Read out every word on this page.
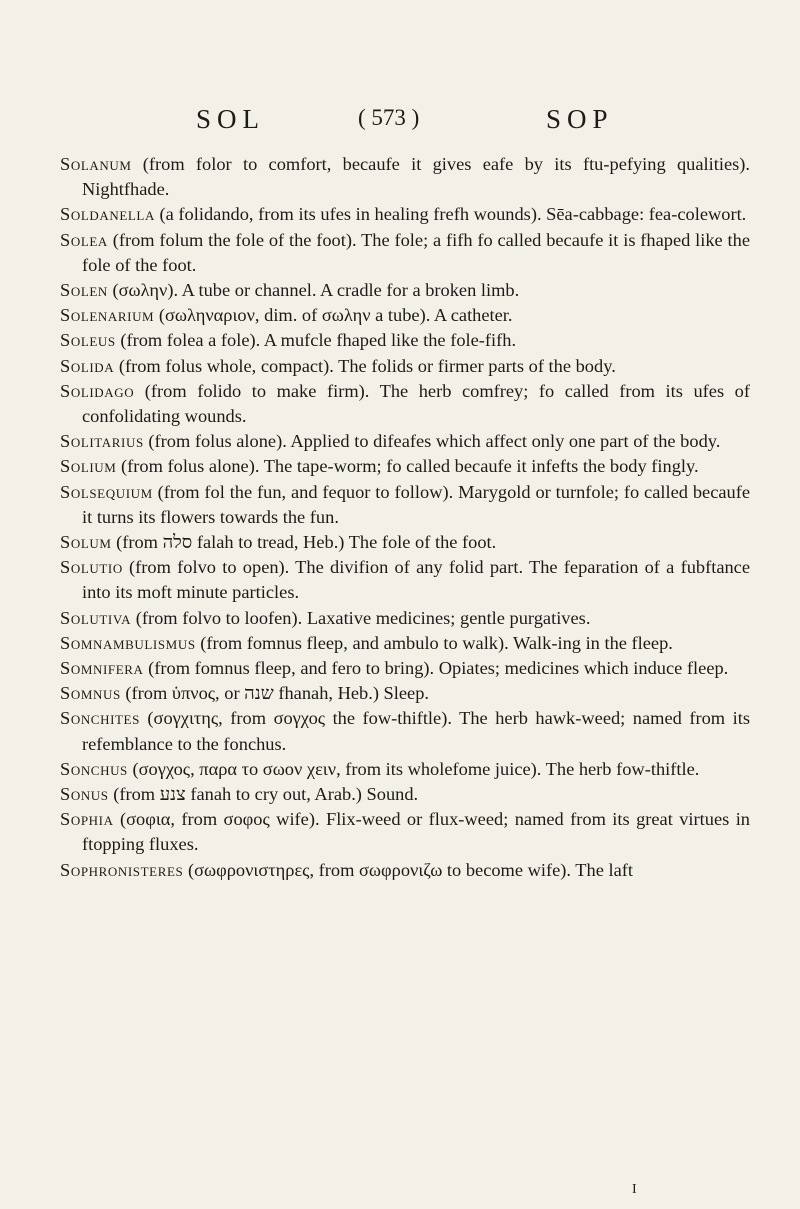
SOL	( 573 )	SOP

Solanum (from folor to comfort, becaufe it gives eafe by its ftu-pefying qualities). Nightfhade.

Soldanella (a folidando, from its ufes in healing frefh wounds). Sēa-cabbage: fea-colewort.

Solea (from folum the fole of the foot). The fole; a fifh fo called becaufe it is fhaped like the fole of the foot.

Solen (σωλην). A tube or channel. A cradle for a broken limb.

Solenarium (σωληναριον, dim. of σωλην a tube). A catheter.

Soleus (from folea a fole). A mufcle fhaped like the fole-fifh.

Solida (from folus whole, compact). The folids or firmer parts of the body.

Solidago (from folido to make firm). The herb comfrey; fo called from its ufes of confolidating wounds.

Solitarius (from folus alone). Applied to difeafes which affect only one part of the body.

Solium (from folus alone). The tape-worm; fo called becaufe it infefts the body fingly.

Solsequium (from fol the fun, and fequor to follow). Marygold or turnfole; fo called becaufe it turns its flowers towards the fun.

Solum (from סלה falah to tread, Heb.) The fole of the foot.

Solutio (from folvo to open). The divifion of any folid part. The feparation of a fubftance into its moft minute particles.

Solutiva (from folvo to loofen). Laxative medicines; gentle purgatives.

Somnambulismus (from fomnus fleep, and ambulo to walk). Walk-ing in the fleep.

Somnifera (from fomnus fleep, and fero to bring). Opiates; medicines which induce fleep.

Somnus (from ὑπνος, or שנה fhanah, Heb.) Sleep.

Sonchites (σογχιτης, from σογχος the fow-thiftle). The herb hawk-weed; named from its refemblance to the fonchus.

Sonchus (σογχος, παρα το σωον χειν, from its wholefome juice). The herb fow-thiftle.

Sonus (from צנע fanah to cry out, Arab.) Sound.

Sophia (σοφια, from σοφος wife). Flix-weed or flux-weed; named from its great virtues in ftopping fluxes.

Sophronisteres (σωφρονιστηρες, from σωφρονιζω to become wife). The laft

I
